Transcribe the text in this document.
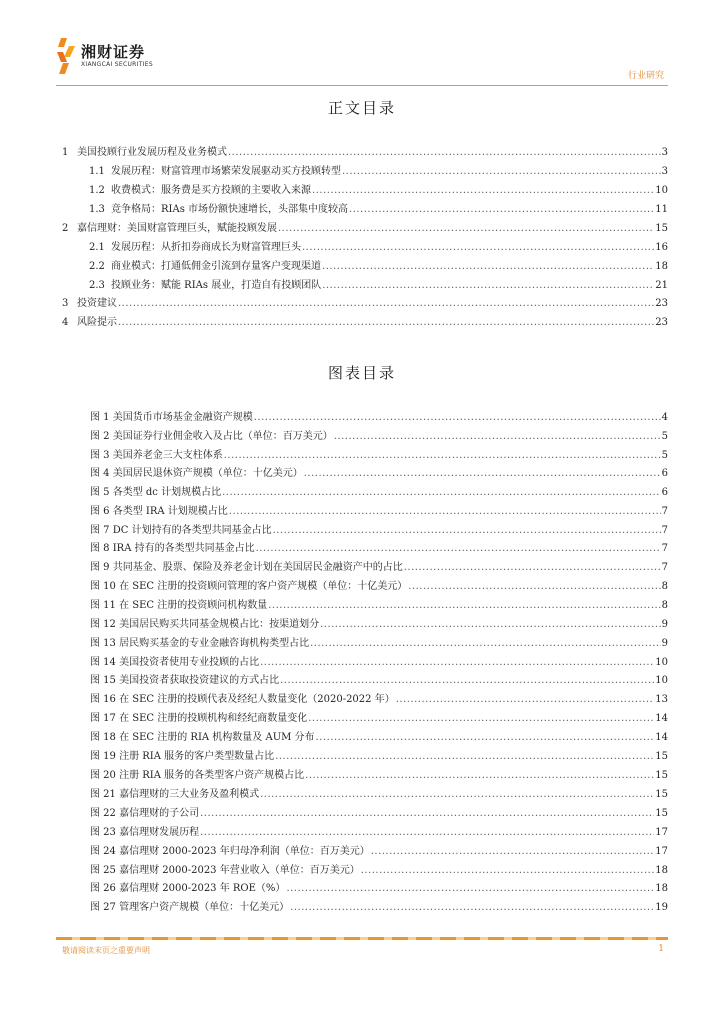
湘财证券
XIANGCAI SECURITIES
行业研究
正文目录
1 美国投顾行业发展历程及业务模式 .....	3
1.1 发展历程：财富管理市场繁荣发展驱动买方投顾转型 .....	3
1.2 收费模式：服务费是买方投顾的主要收入来源 .....	10
1.3 竞争格局：RIAs 市场份额快速增长，头部集中度较高 .....	11
2 嘉信理财：美国财富管理巨头，赋能投顾发展 .....	15
2.1 发展历程：从折扣券商成长为财富管理巨头 .....	16
2.2 商业模式：打通低佣金引流到存量客户变现渠道 .....	18
2.3 投顾业务：赋能 RIAs 展业，打造自有投顾团队 .....	21
3 投资建议 .....	23
4 风险提示 .....	23
图表目录
图 1 美国货币市场基金金融资产规模 .....	4
图 2 美国证券行业佣金收入及占比（单位：百万美元） .....	5
图 3 美国养老金三大支柱体系 .....	5
图 4 美国居民退休资产规模（单位：十亿美元） .....	6
图 5 各类型 dc 计划规模占比 .....	6
图 6 各类型 IRA 计划规模占比 .....	7
图 7 DC 计划持有的各类型共同基金占比 .....	7
图 8 IRA 持有的各类型共同基金占比 .....	7
图 9 共同基金、股票、保险及养老金计划在美国居民金融资产中的占比 .....	7
图 10 在 SEC 注册的投资顾问管理的客户资产规模（单位：十亿美元） .....	8
图 11 在 SEC 注册的投资顾问机构数量 .....	8
图 12 美国居民购买共同基金规模占比：按渠道划分 .....	9
图 13 居民购买基金的专业金融咨询机构类型占比 .....	9
图 14 美国投资者使用专业投顾的占比 .....	10
图 15 美国投资者获取投资建议的方式占比 .....	10
图 16 在 SEC 注册的投顾代表及经纪人数量变化（2020-2022 年） .....	13
图 17 在 SEC 注册的投顾机构和经纪商数量变化 .....	14
图 18 在 SEC 注册的 RIA 机构数量及 AUM 分布 .....	14
图 19 注册 RIA 服务的客户类型数量占比 .....	15
图 20 注册 RIA 服务的各类型客户资产规模占比 .....	15
图 21 嘉信理财的三大业务及盈利模式 .....	15
图 22 嘉信理财的子公司 .....	15
图 23 嘉信理财发展历程 .....	17
图 24 嘉信理财 2000-2023 年归母净利润（单位：百万美元） .....	17
图 25 嘉信理财 2000-2023 年营业收入（单位：百万美元） .....	18
图 26 嘉信理财 2000-2023 年 ROE（%） .....	18
图 27 管理客户资产规模（单位：十亿美元） .....	19
敬请阅读末页之重要声明	1
